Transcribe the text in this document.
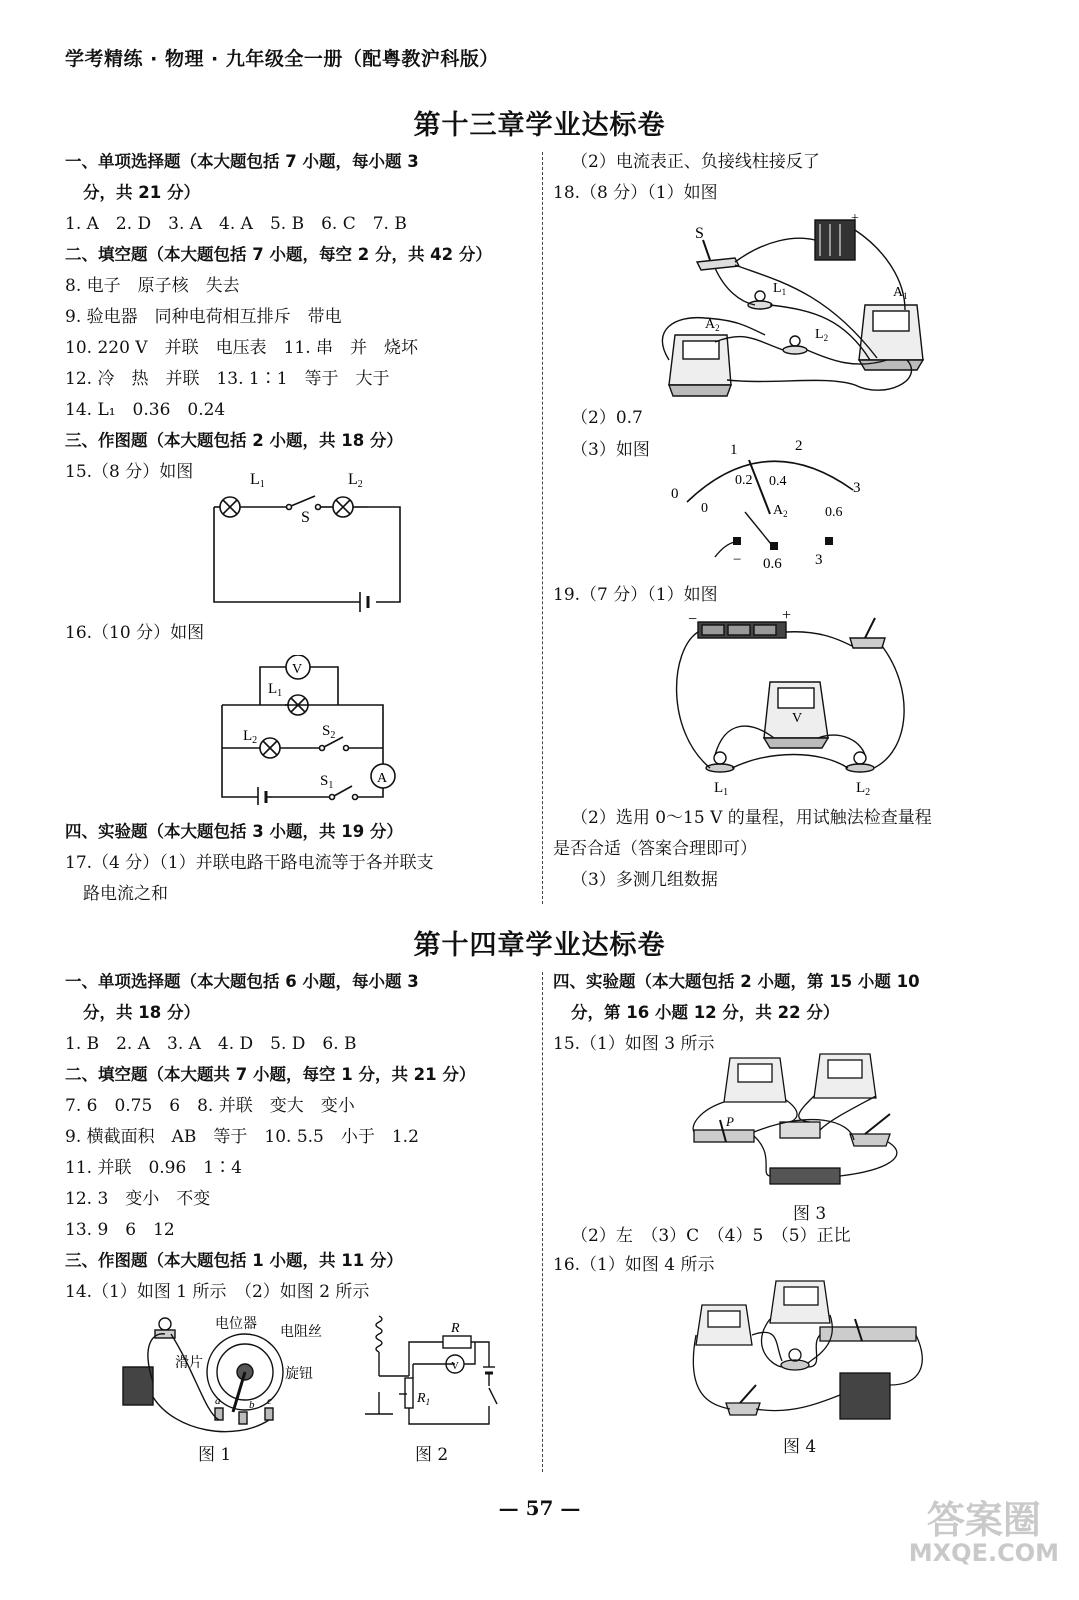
学考精练 · 物理 · 九年级全一册（配粤教沪科版）
第十三章学业达标卷
一、单项选择题（本大题包括 7 小题，每小题 3
分，共 21 分）
1. A　2. D　3. A　4. A　5. B　6. C　7. B
二、填空题（本大题包括 7 小题，每空 2 分，共 42 分）
8. 电子　原子核　失去
9. 验电器　同种电荷相互排斥　带电
10. 220 V　并联　电压表　11. 串　并　烧坏
12. 冷　热　并联　13. 1∶1　等于　大于
14. L₁　0.36　0.24
三、作图题（本大题包括 2 小题，共 18 分）
15.（8 分）如图
16.（10 分）如图
四、实验题（本大题包括 3 小题，共 19 分）
17.（4 分）（1）并联电路干路电流等于各并联支
路电流之和
（2）电流表正、负接线柱接反了
18.（8 分）（1）如图
（2）0.7
（3）如图
19.（7 分）（1）如图
（2）选用 0～15 V 的量程，用试触法检查量程
是否合适（答案合理即可）
（3）多测几组数据
L1	L2
S
V
A
$L_1$
$L_2$
$S_2$
$S_1$
S
+
$L_1$
$L_2$
$A_1$
$A_2$
0
1	2
3
0
0.2 0.4
0.6
$A_2$
− 0.6 3
−	+
V
$L_1$	$L_2$
第十四章学业达标卷
一、单项选择题（本大题包括 6 小题，每小题 3
分，共 18 分）
1. B　2. A　3. A　4. D　5. D　6. B
二、填空题（本大题共 7 小题，每空 1 分，共 21 分）
7. 6　0.75　6　8. 并联　变大　变小
9. 横截面积　AB　等于　10. 5.5　小于　1.2
11. 并联　0.96　1∶4
12. 3　变小　不变
13. 9　6　12
三、作图题（本大题包括 1 小题，共 11 分）
14.（1）如图 1 所示　（2）如图 2 所示
四、实验题（本大题包括 2 小题，第 15 小题 10
分，第 16 小题 12 分，共 22 分）
15.（1）如图 3 所示
（2）左　（3）C　（4）5　（5）正比
16.（1）如图 4 所示
电位器
电阻丝
滑片
旋钮
a	b c
图 1
R
$R_1$
V
图 2
P
图 3
图 4
— 57 —	答案圈
MXQE.COM
